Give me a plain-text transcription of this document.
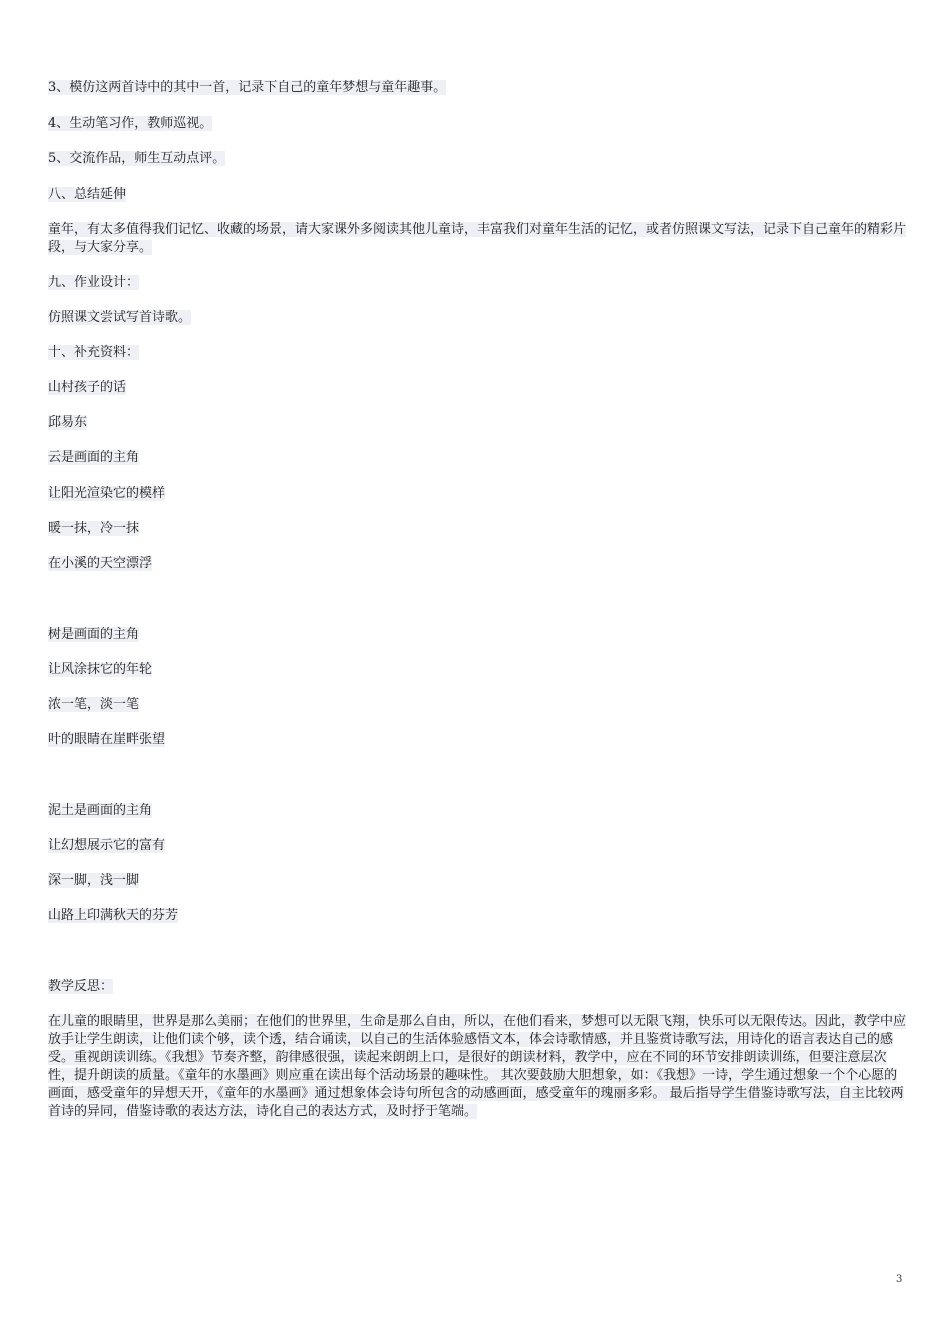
3、模仿这两首诗中的其中一首，记录下自己的童年梦想与童年趣事。
4、生动笔习作，教师巡视。
5、交流作品，师生互动点评。
八、总结延伸
童年，有太多值得我们记忆、收藏的场景，请大家课外多阅读其他儿童诗，丰富我们对童年生活的记忆，或者仿照课文写法，记录下自己童年的精彩片段，与大家分享。
九、作业设计：
仿照课文尝试写首诗歌。
十、补充资料：
山村孩子的话
邱易东
云是画面的主角
让阳光渲染它的模样
暖一抹，冷一抹
在小溪的天空漂浮
树是画面的主角
让风涂抹它的年轮
浓一笔，淡一笔
叶的眼睛在崖畔张望
泥土是画面的主角
让幻想展示它的富有
深一脚，浅一脚
山路上印满秋天的芬芳
教学反思：
在儿童的眼睛里，世界是那么美丽；在他们的世界里，生命是那么自由，所以，在他们看来，梦想可以无限飞翔，快乐可以无限传达。因此，教学中应放手让学生朗读，让他们读个够，读个透，结合诵读，以自己的生活体验感悟文本，体会诗歌情感，并且鉴赏诗歌写法，用诗化的语言表达自己的感受。重视朗读训练。《我想》节奏齐整，韵律感很强，读起来朗朗上口，是很好的朗读材料，教学中，应在不同的环节安排朗读训练，但要注意层次性，提升朗读的质量。《童年的水墨画》则应重在读出每个活动场景的趣味性。 其次要鼓励大胆想象，如：《我想》一诗，学生通过想象一个个心愿的画面，感受童年的异想天开，《童年的水墨画》通过想象体会诗句所包含的动感画面，感受童年的瑰丽多彩。 最后指导学生借鉴诗歌写法，自主比较两首诗的异同，借鉴诗歌的表达方法，诗化自己的表达方式，及时抒于笔端。
3
